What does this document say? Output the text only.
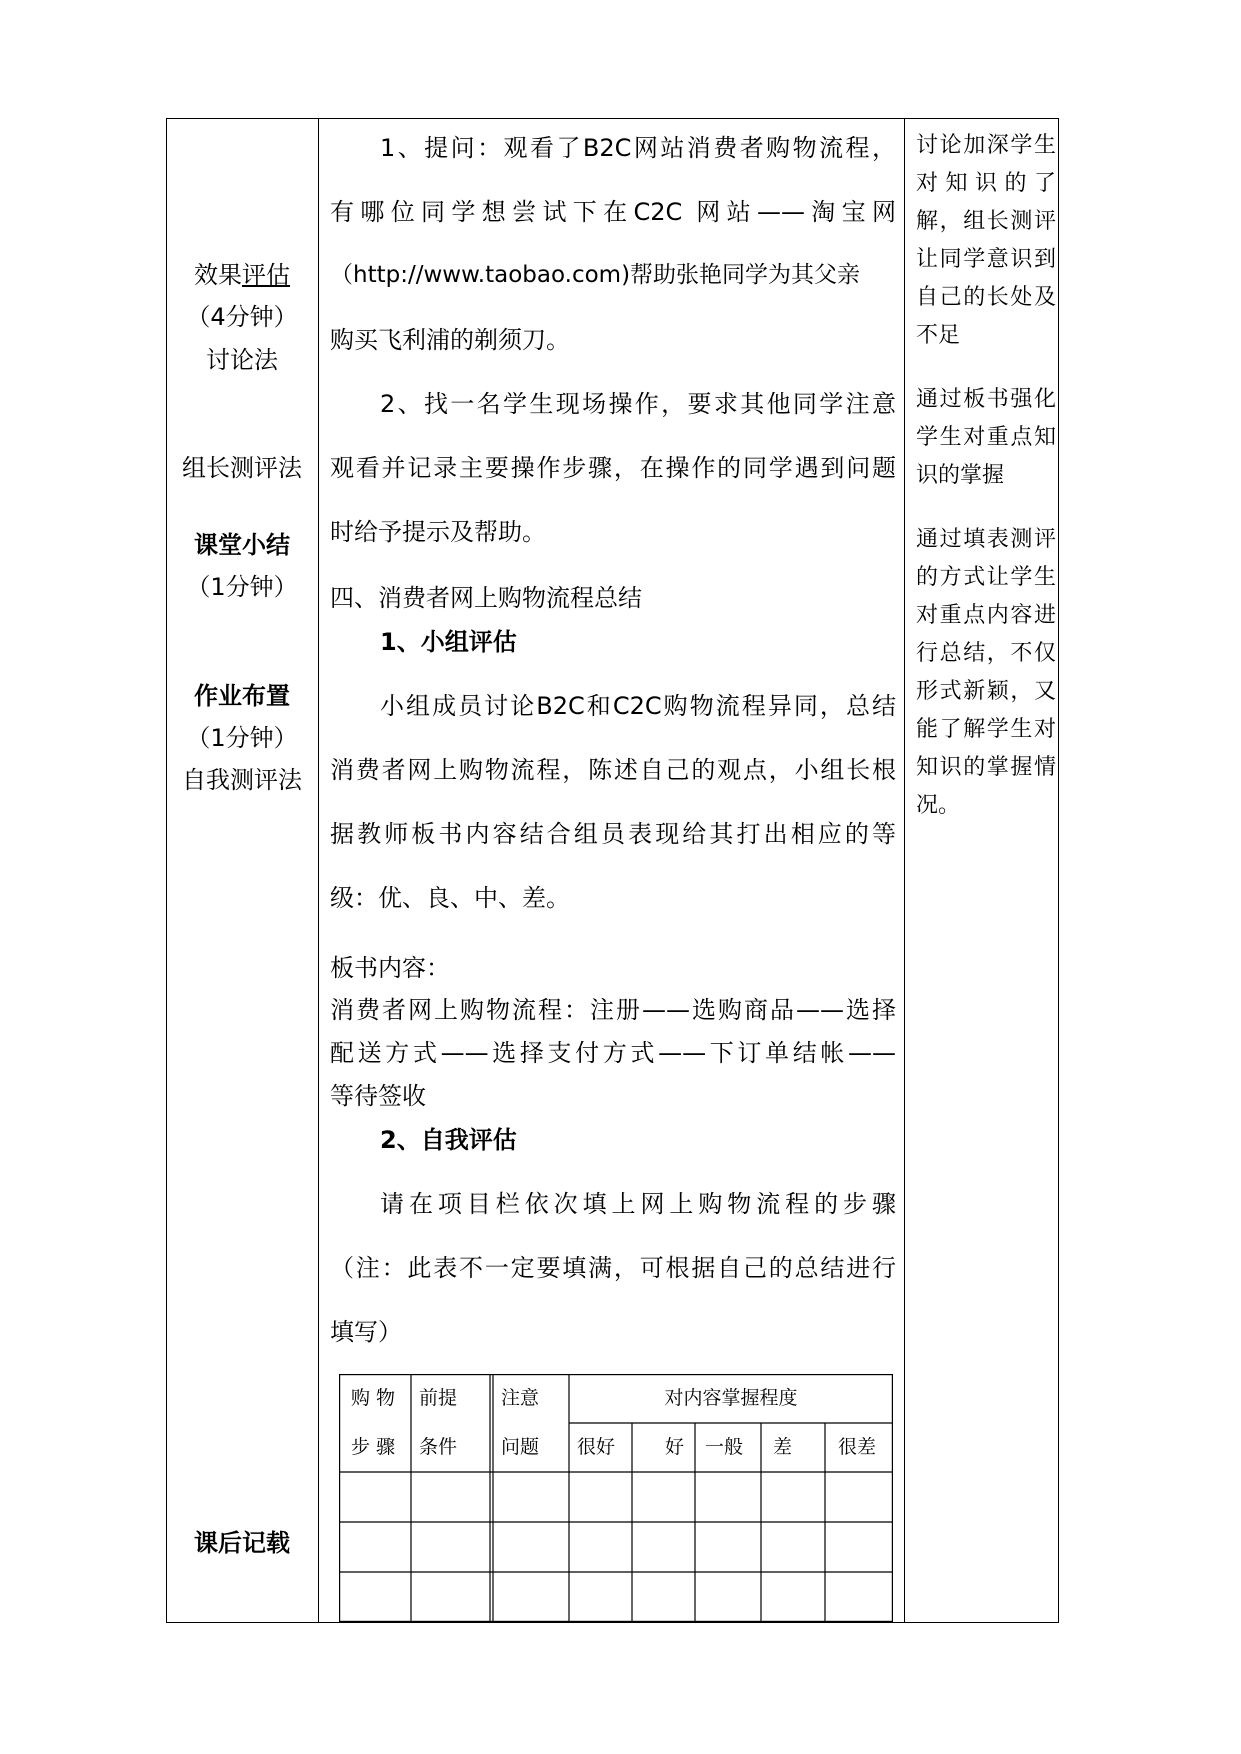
效果评估
（4分钟）
讨论法
组长测评法
课堂小结
（1分钟）
作业布置
（1分钟）
自我测评法
课后记载
1、提问：观看了B2C网站消费者购物流程，
有哪位同学想尝试下在C2C 网站——淘宝网
（http://www.taobao.com)帮助张艳同学为其父亲
购买飞利浦的剃须刀。
2、找一名学生现场操作，要求其他同学注意
观看并记录主要操作步骤，在操作的同学遇到问题
时给予提示及帮助。
四、消费者网上购物流程总结
1、小组评估
小组成员讨论B2C和C2C购物流程异同，总结
消费者网上购物流程，陈述自己的观点，小组长根
据教师板书内容结合组员表现给其打出相应的等
级：优、良、中、差。
板书内容：
消费者网上购物流程：注册——选购商品——选择
配送方式——选择支付方式——下订单结帐——
等待签收
2、自我评估
请在项目栏依次填上网上购物流程的步骤
（注：此表不一定要填满，可根据自己的总结进行
填写）
讨论加深学生
对知识的了
解，组长测评
让同学意识到
自己的长处及
不足
通过板书强化
学生对重点知
识的掌握
通过填表测评
的方式让学生
对重点内容进
行总结，不仅
形式新颖，又
能了解学生对
知识的掌握情
况。
购 物
步 骤
前提
条件
注意
问题
对内容掌握程度
很好	好 一般 差 很差
